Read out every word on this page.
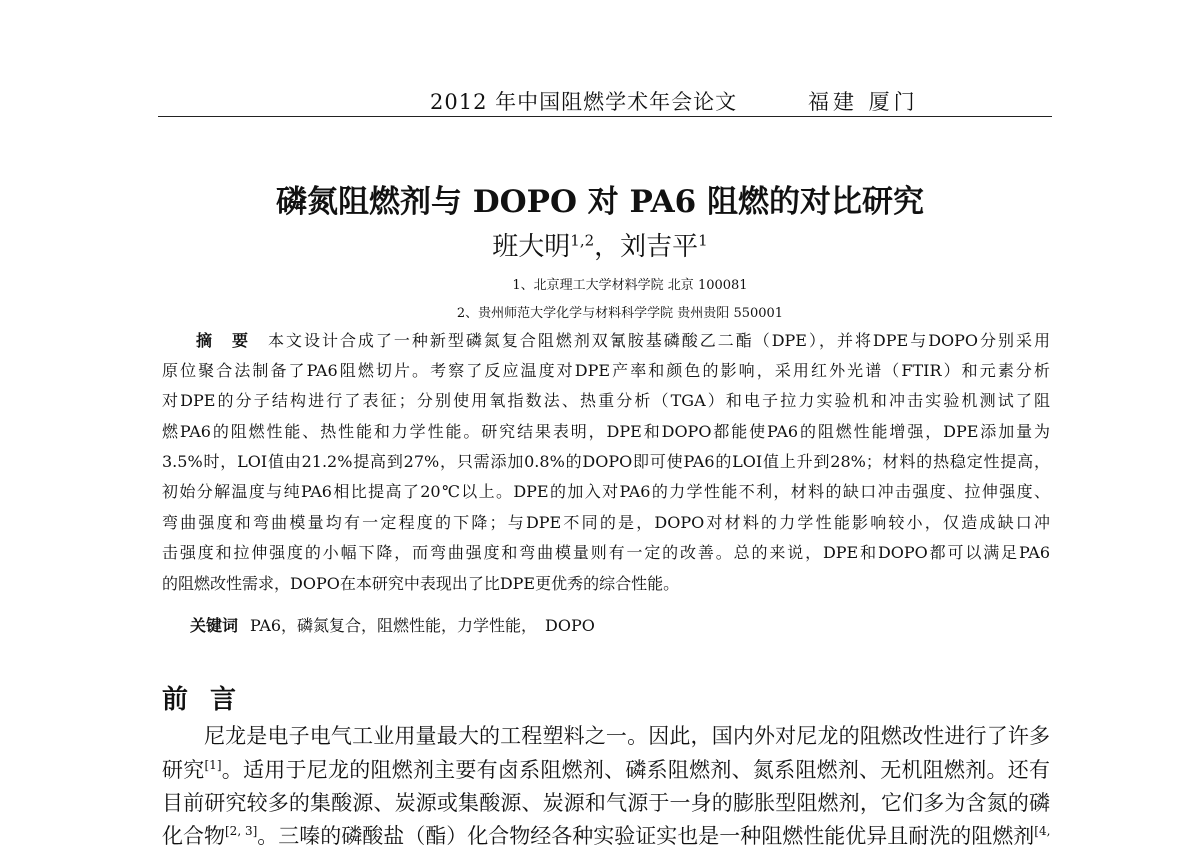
2012 年中国阻燃学术年会论文	福建 厦门
磷氮阻燃剂与 DOPO 对 PA6 阻燃的对比研究
班大明$^{1,2}$，刘吉平$^1$
1、北京理工大学材料学院 北京 100081
2、贵州师范大学化学与材料科学学院 贵州贵阳 550001
摘　要　 本文设计合成了一种新型磷氮复合阻燃剂双氰胺基磷酸乙二酯（DPE），并将DPE与DOPO分别采用
原位聚合法制备了PA6阻燃切片。考察了反应温度对DPE产率和颜色的影响，采用红外光谱（FTIR）和元素分析
对DPE的分子结构进行了表征；分别使用氧指数法、热重分析（TGA）和电子拉力实验机和冲击实验机测试了阻
燃PA6的阻燃性能、热性能和力学性能。研究结果表明，DPE和DOPO都能使PA6的阻燃性能增强，DPE添加量为
3.5%时，LOI值由21.2%提高到27%，只需添加0.8%的DOPO即可使PA6的LOI值上升到28%；材料的热稳定性提高，
初始分解温度与纯PA6相比提高了20℃以上。DPE的加入对PA6的力学性能不利，材料的缺口冲击强度、拉伸强度、
弯曲强度和弯曲模量均有一定程度的下降；与DPE不同的是，DOPO对材料的力学性能影响较小，仅造成缺口冲
击强度和拉伸强度的小幅下降，而弯曲强度和弯曲模量则有一定的改善。总的来说，DPE和DOPO都可以满足PA6
的阻燃改性需求，DOPO在本研究中表现出了比DPE更优秀的综合性能。
关键词 PA6，磷氮复合，阻燃性能，力学性能，　DOPO
前言
尼龙是电子电气工业用量最大的工程塑料之一。因此，国内外对尼龙的阻燃改性进行了许多
研究[1]。适用于尼龙的阻燃剂主要有卤系阻燃剂、磷系阻燃剂、氮系阻燃剂、无机阻燃剂。还有
目前研究较多的集酸源、炭源或集酸源、炭源和气源于一身的膨胀型阻燃剂，它们多为含氮的磷
化合物[2, 3]。三嗪的磷酸盐（酯）化合物经各种实验证实也是一种阻燃性能优异且耐洗的阻燃剂$^{[4,}$
